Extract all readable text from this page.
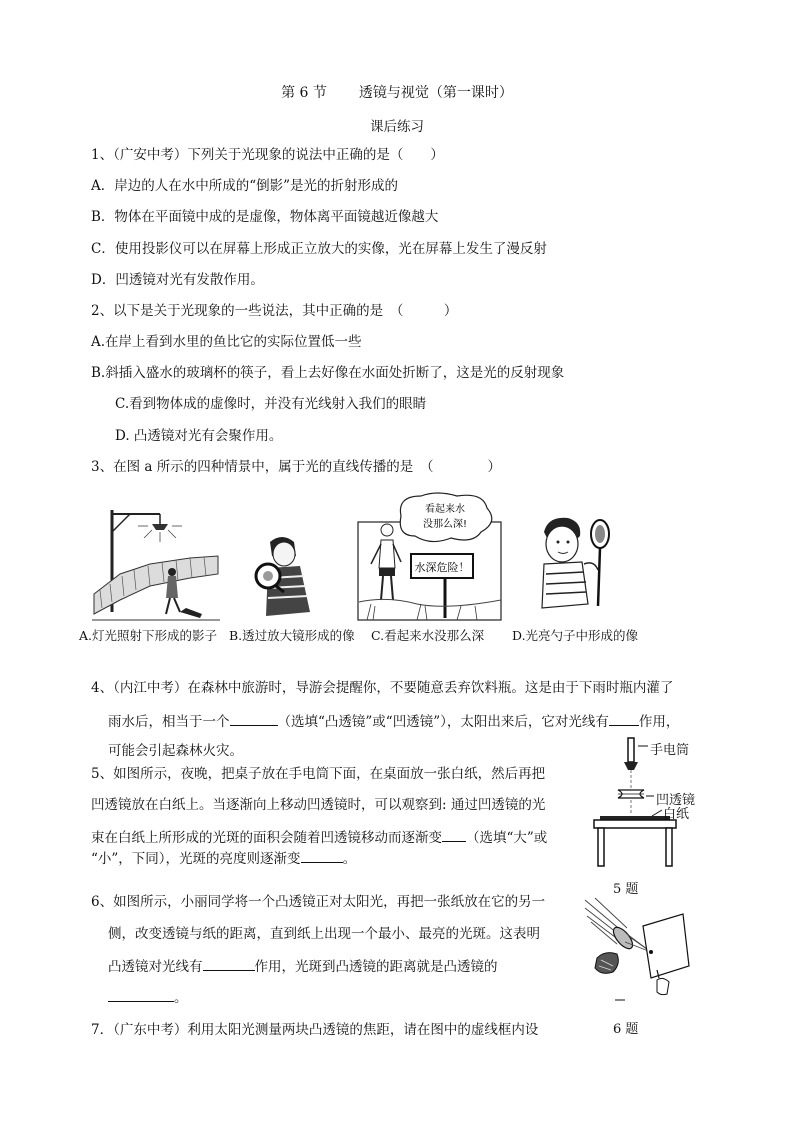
第 6 节 透镜与视觉（第一课时）
课后练习
1、（广安中考）下列关于光现象的说法中正确的是（　　）
A．岸边的人在水中所成的“倒影”是光的折射形成的
B．物体在平面镜中成的是虚像，物体离平面镜越近像越大
C．使用投影仪可以在屏幕上形成正立放大的实像，光在屏幕上发生了漫反射
D．凹透镜对光有发散作用。
2、以下是关于光现象的一些说法，其中正确的是　（　　　）
A.在岸上看到水里的鱼比它的实际位置低一些
B.斜插入盛水的玻璃杯的筷子，看上去好像在水面处折断了，这是光的反射现象
C.看到物体成的虚像时，并没有光线射入我们的眼睛
D. 凸透镜对光有会聚作用。
3、在图 a 所示的四种情景中，属于光的直线传播的是　（　　　　）
A.灯光照射下形成的影子 B.透过放大镜形成的像
看起来水
没那么深!
水深危险！
C.看起来水没那么深 D.光亮勺子中形成的像
4、（内江中考）在森林中旅游时，导游会提醒你，不要随意丢弃饮料瓶。这是由于下雨时瓶内灌了
雨水后，相当于一个	（选填“凸透镜”或“凹透镜”），太阳出来后，它对光线有 作用，
可能会引起森林火灾。
5、如图所示，夜晚，把桌子放在手电筒下面，在桌面放一张白纸，然后再把
凹透镜放在白纸上。当逐渐向上移动凹透镜时，可以观察到: 通过凹透镜的光
束在白纸上所形成的光斑的面积会随着凹透镜移动而逐渐变 （选填“大”或
“小”，下同），光斑的亮度则逐渐变	。
手电筒
凹透镜
白纸
5 题
6、如图所示，小丽同学将一个凸透镜正对太阳光，再把一张纸放在它的另一
侧，改变透镜与纸的距离，直到纸上出现一个最小、最亮的光斑。这表明
凸透镜对光线有	作用，光斑到凸透镜的距离就是凸透镜的
。
6 题
7．（广东中考）利用太阳光测量两块凸透镜的焦距，请在图中的虚线框内设
